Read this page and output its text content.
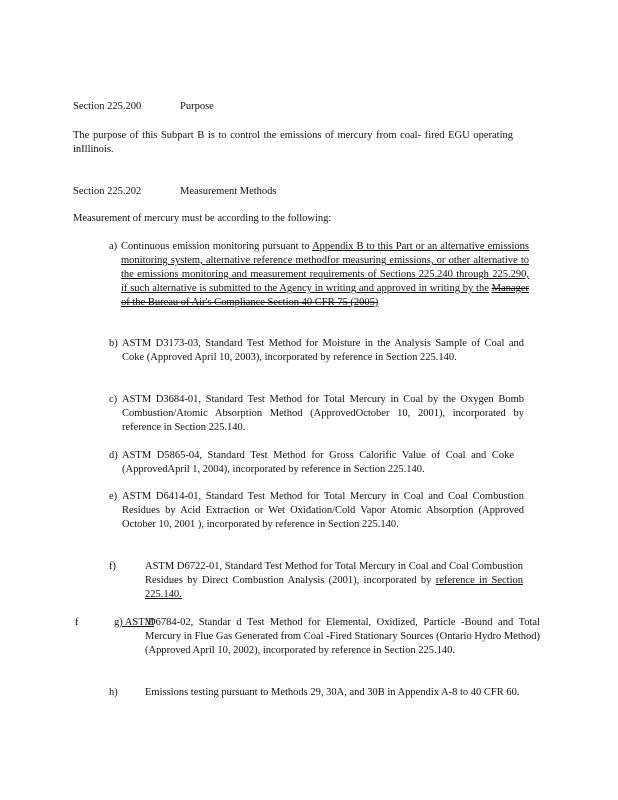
Section 225.200	Purpose
The purpose of this Subpart B is to control the emissions of mercury from coal- fired EGU operating inIllinois.
Section 225.202	Measurement Methods
Measurement of mercury must be according to the following:
a) Continuous emission monitoring pursuant to Appendix B to this Part or an alternative emissions monitoring system, alternative reference methodfor measuring emissions, or other alternative to the emissions monitoring and measurement requirements of Sections 225.240 through 225.290, if such alternative is submitted to the Agency in writing and approved in writing by the Manager of the Bureau of Air's Compliance Section 40 CFR 75 (2005)
b) ASTM D3173-03, Standard Test Method for Moisture in the Analysis Sample of Coal and Coke (Approved April 10, 2003), incorporated by reference in Section 225.140.
c) ASTM D3684-01, Standard Test Method for Total Mercury in Coal by the Oxygen Bomb Combustion/Atomic Absorption Method (ApprovedOctober 10, 2001), incorporated by reference in Section 225.140.
d) ASTM D5865-04, Standard Test Method for Gross Calorific Value of Coal and Coke (ApprovedApril 1, 2004), incorporated by reference in Section 225.140.
e) ASTM D6414-01, Standard Test Method for Total Mercury in Coal and Coal Combustion Residues by Acid Extraction or Wet Oxidation/Cold Vapor Atomic Absorption (Approved October 10, 2001 ), incorporated by reference in Section 225.140.
f)	ASTM D6722-01, Standard Test Method for Total Mercury in Coal and Coal Combustion Residues by Direct Combustion Analysis (2001), incorporated by reference in Section 225.140.
f	g) ASTM
D6784-02, Standar d Test Method for Elemental, Oxidized, Particle -Bound and Total Mercury in Flue Gas Generated from Coal -Fired Stationary Sources (Ontario Hydro Method) (Approved April 10, 2002), incorporated by reference in Section 225.140.
h)	Emissions testing pursuant to Methods 29, 30A, and 30B in Appendix A-8 to 40 CFR 60.
